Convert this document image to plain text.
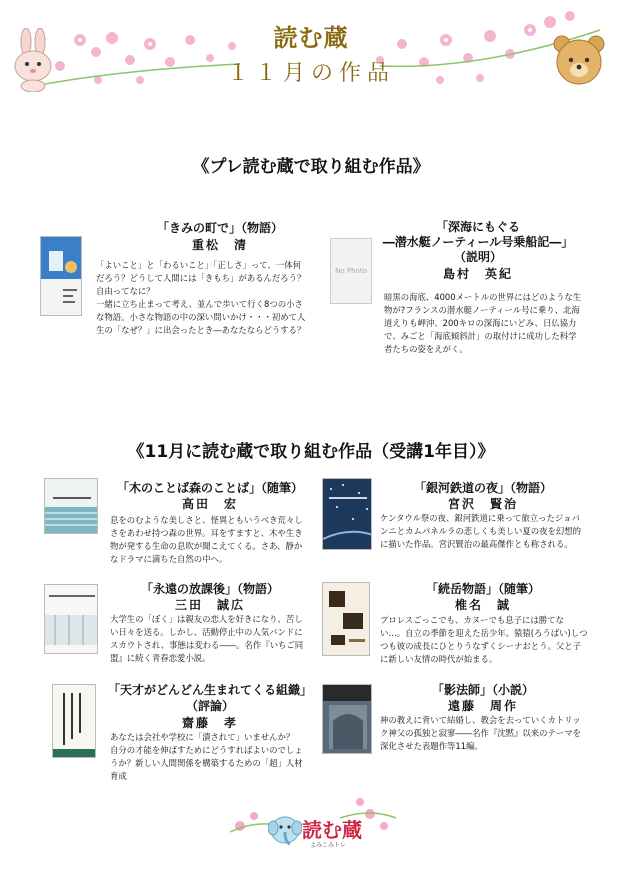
読む蔵
１１月の作品
《プレ読む蔵で取り組む作品》
「きみの町で」（物語）
重松　清
「よいこと」と「わるいこと」「正しさ」って、一体何だろう？どうして人間には「きもち」があるんだろう？ 自由ってなに？
一緒に立ち止まって考え、並んで歩いて行く8つの小さな物語。小さな物語の中の深い問いかけ・・・初めて人生の「なぜ？」に出会ったとき―あなたならどうする？
No Photo
「深海にもぐる
―潜水艇ノーティール号乗船記―」
（説明）
島村　英紀
暗黒の海底、4000メートルの世界にはどのような生物が?フランスの潜水艇ノーティール号に乗り、北海道えりも岬沖、200キロの深海にいどみ、日仏協力で、みごと「海底傾斜計」の取付けに成功した科学者たちの姿をえがく。
《11月に読む蔵で取り組む作品（受講1年目）》
「木のことば森のことば」（随筆）
高田　宏
息をのむような美しさと、怪異ともいうべき荒々しさをあわせ持つ森の世界。耳をすますと、木や生き物が発する生命の息吹が聞こえてくる。さあ、静かなドラマに満ちた自然の中へ。
「銀河鉄道の夜」（物語）
宮沢　賢治
ケンタウル祭の夜、銀河鉄道に乗って旅立ったジョバンニとカムパネルラの悲しくも美しい夏の夜を幻想的に描いた作品。宮沢賢治の最高傑作とも称される。
「永遠の放課後」（物語）
三田　誠広
大学生の「ぼく」は親友の恋人を好きになり、苦しい日々を送る。しかし、活動停止中の人気バンドにスカウトされ、事態は変わる――。名作『いちご同盟』に続く青春恋愛小説。
「続岳物語」（随筆）
椎名　誠
プロレスごっこでも、カヌーでも息子には勝てない…。自立の季節を迎えた岳少年。猿猿(ろうばい)しつつも彼の成長にひとりうなずくシーナおとう。父と子に新しい友情の時代が始まる。
「天才がどんどん生まれてくる組織」
（評論）
齋藤　孝
あなたは会社や学校に「潰されて」いませんか？　自分の才能を伸ばすためにどうすればよいのでしょうか？新しい人間関係を構築するための「超」人材育成
「影法師」（小説）
遠藤　周作
神の教えに背いて結婚し、教会を去っていくカトリック神父の孤独と寂寥――名作『沈黙』以来のテーマを深化させた表題作等11編。
読む蔵
よみこみトレ
